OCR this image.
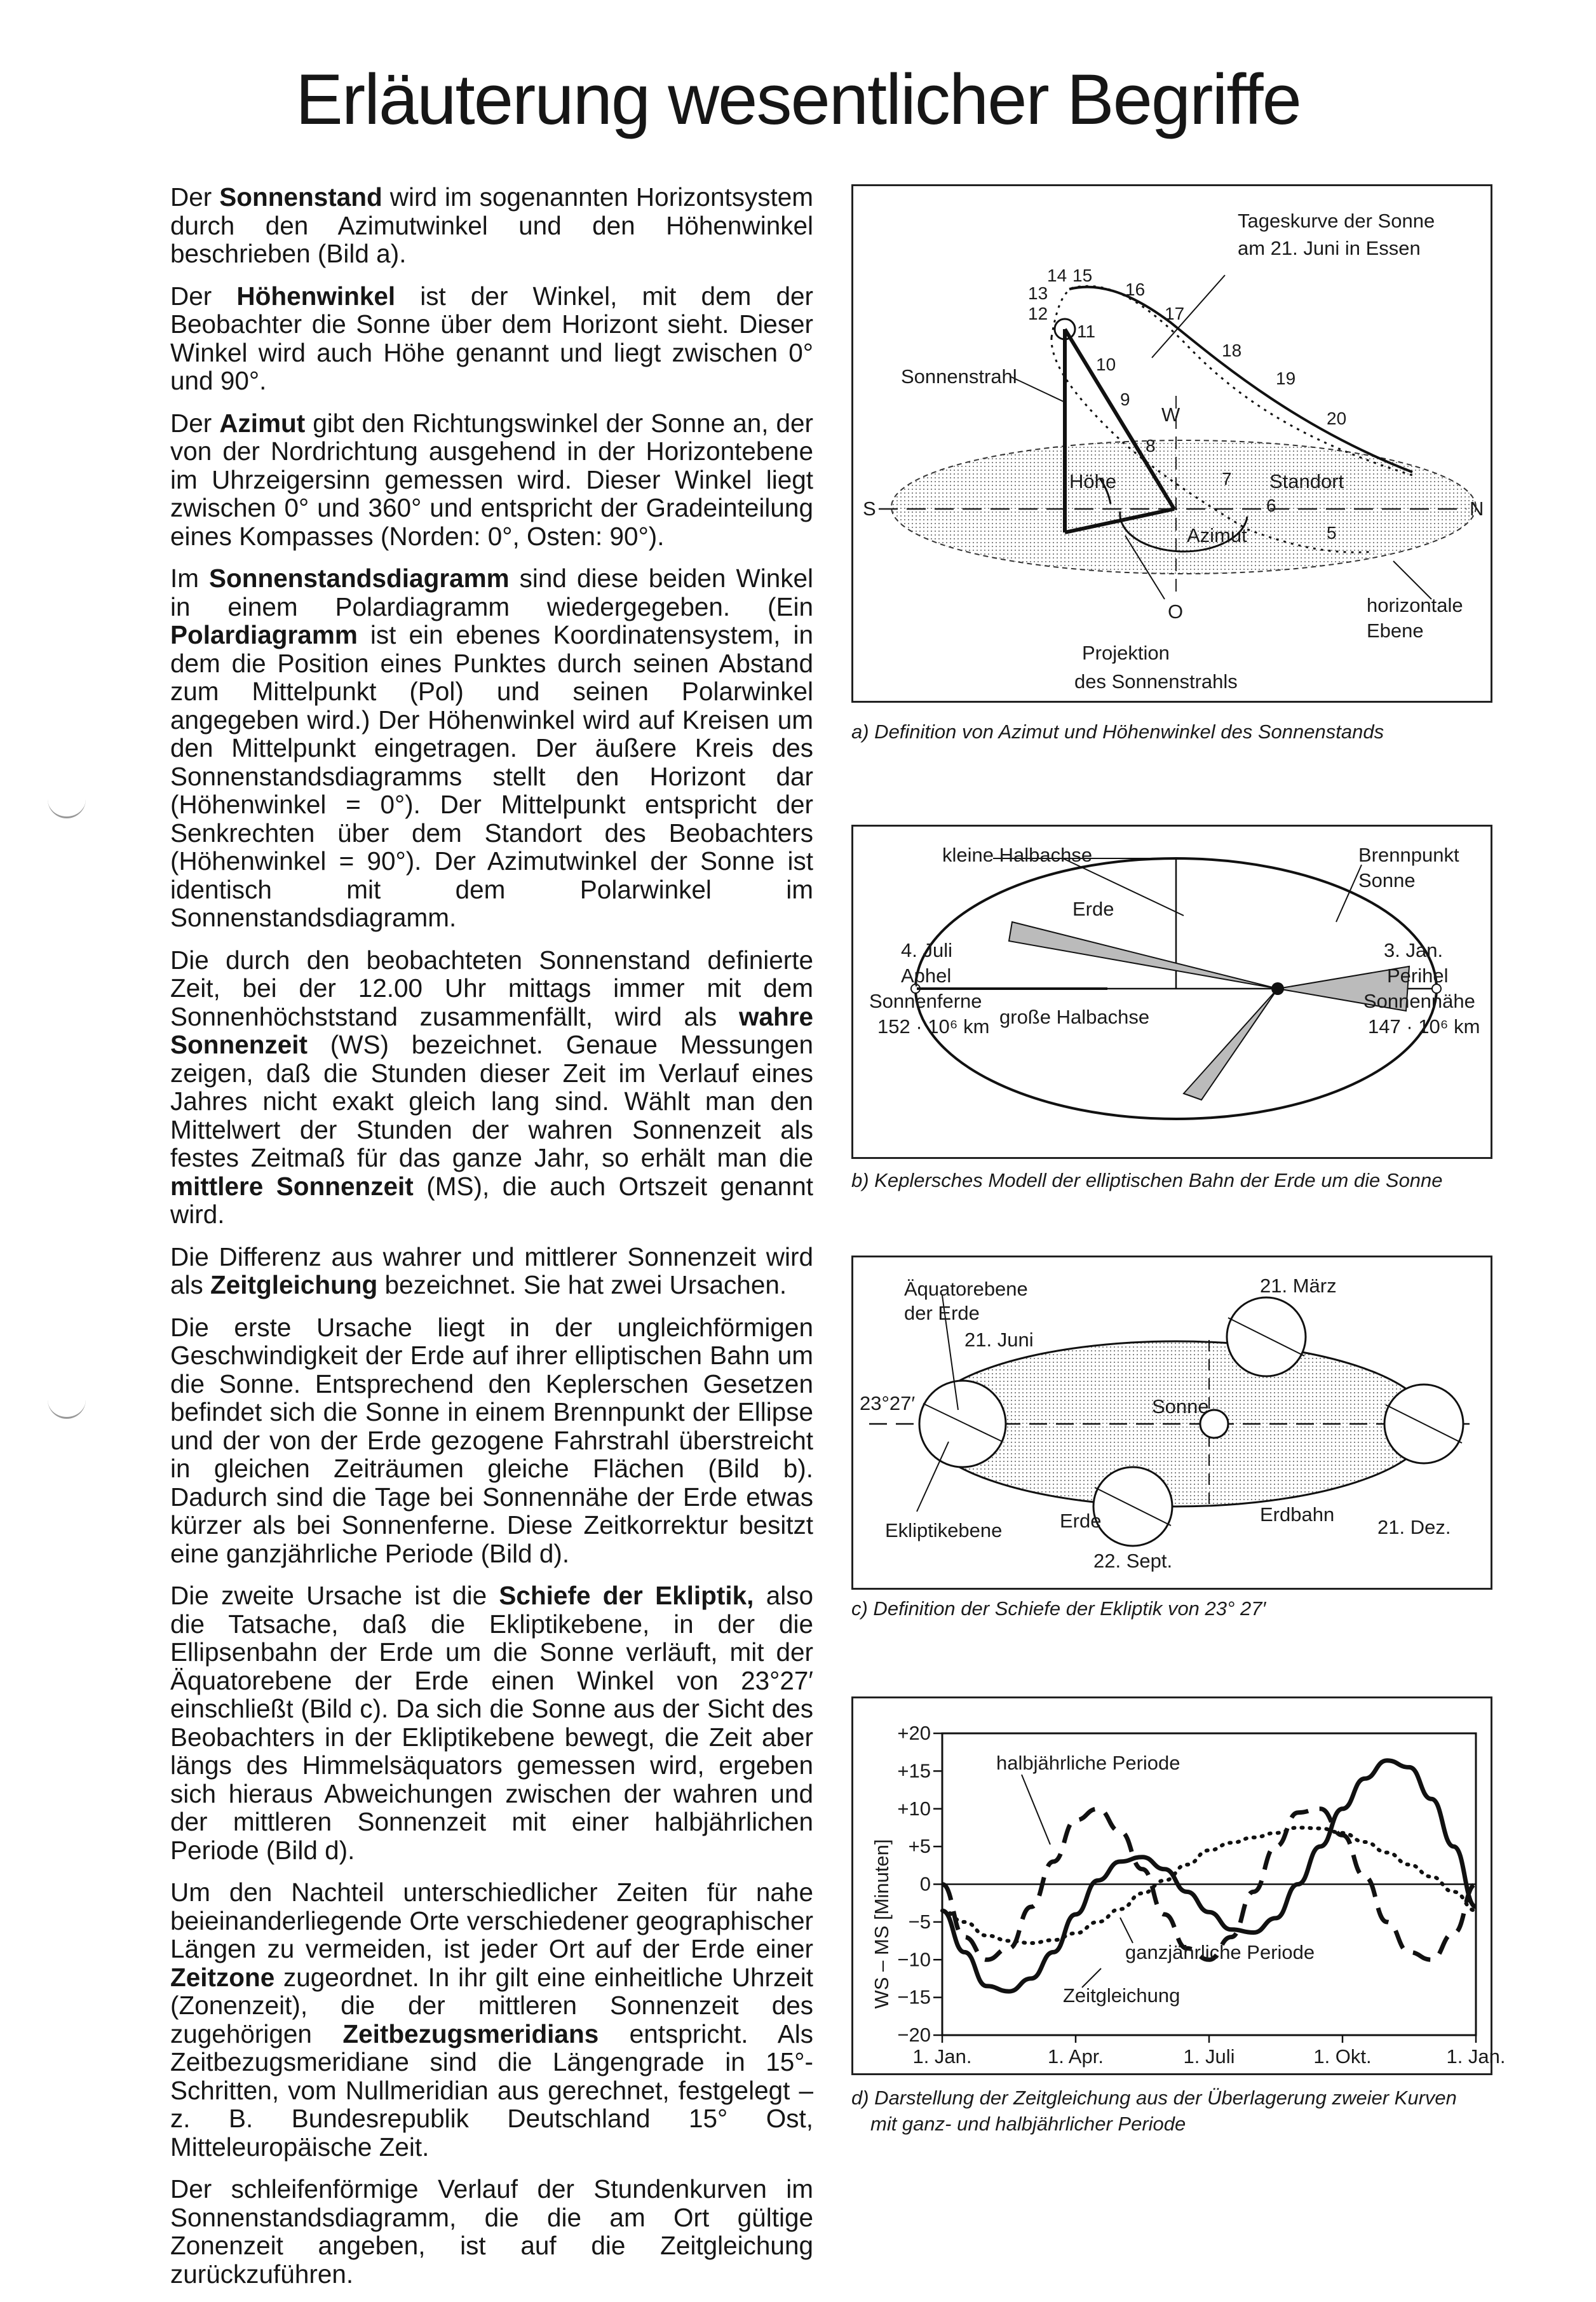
Erläuterung wesentlicher Begriffe

Der Sonnenstand wird im sogenannten Horizontsystem durch den Azimutwinkel und den Höhenwinkel beschrieben (Bild a).

Der Höhenwinkel ist der Winkel, mit dem der Beobachter die Sonne über dem Horizont sieht. Dieser Winkel wird auch Höhe genannt und liegt zwischen 0° und 90°.

Der Azimut gibt den Richtungswinkel der Sonne an, der von der Nordrichtung ausgehend in der Horizontebene im Uhrzeigersinn gemessen wird. Dieser Winkel liegt zwischen 0° und 360° und entspricht der Gradeinteilung eines Kompasses (Norden: 0°, Osten: 90°).

Im Sonnenstandsdiagramm sind diese beiden Winkel in einem Polardiagramm wiedergegeben. (Ein Polardiagramm ist ein ebenes Koordinatensystem, in dem die Position eines Punktes durch seinen Abstand zum Mittelpunkt (Pol) und seinen Polarwinkel angegeben wird.) Der Höhenwinkel wird auf Kreisen um den Mittelpunkt eingetragen. Der äußere Kreis des Sonnenstandsdiagramms stellt den Horizont dar (Höhenwinkel = 0°). Der Mittelpunkt entspricht der Senkrechten über dem Standort des Beobachters (Höhenwinkel = 90°). Der Azimutwinkel der Sonne ist identisch mit dem Polarwinkel im Sonnenstandsdiagramm.

Die durch den beobachteten Sonnenstand definierte Zeit, bei der 12.00 Uhr mittags immer mit dem Sonnenhöchststand zusammenfällt, wird als wahre Sonnenzeit (WS) bezeichnet. Genaue Messungen zeigen, daß die Stunden dieser Zeit im Verlauf eines Jahres nicht exakt gleich lang sind. Wählt man den Mittelwert der Stunden der wahren Sonnenzeit als festes Zeitmaß für das ganze Jahr, so erhält man die mittlere Sonnenzeit (MS), die auch Ortszeit genannt wird.

Die Differenz aus wahrer und mittlerer Sonnenzeit wird als Zeitgleichung bezeichnet. Sie hat zwei Ursachen.

Die erste Ursache liegt in der ungleichförmigen Geschwindigkeit der Erde auf ihrer elliptischen Bahn um die Sonne. Entsprechend den Keplerschen Gesetzen befindet sich die Sonne in einem Brennpunkt der Ellipse und der von der Erde gezogene Fahrstrahl überstreicht in gleichen Zeiträumen gleiche Flächen (Bild b). Dadurch sind die Tage bei Sonnennähe der Erde etwas kürzer als bei Sonnenferne. Diese Zeitkorrektur besitzt eine ganzjährliche Periode (Bild d).

Die zweite Ursache ist die Schiefe der Ekliptik, also die Tatsache, daß die Ekliptikebene, in der die Ellipsenbahn der Erde um die Sonne verläuft, mit der Äquatorebene der Erde einen Winkel von 23°27′ einschließt (Bild c). Da sich die Sonne aus der Sicht des Beobachters in der Ekliptikebene bewegt, die Zeit aber längs des Himmelsäquators gemessen wird, ergeben sich hieraus Abweichungen zwischen der wahren und der mittleren Sonnenzeit mit einer halbjährlichen Periode (Bild d).

Um den Nachteil unterschiedlicher Zeiten für nahe beieinanderliegende Orte verschiedener geographischer Längen zu vermeiden, ist jeder Ort auf der Erde einer Zeitzone zugeordnet. In ihr gilt eine einheitliche Uhrzeit (Zonenzeit), die der mittleren Sonnenzeit des zugehörigen Zeitbezugsmeridians entspricht. Als Zeitbezugsmeridiane sind die Längengrade in 15°-Schritten, vom Nullmeridian aus gerechnet, festgelegt – z. B. Bundesrepublik Deutschland 15° Ost, Mitteleuropäische Zeit.

Der schleifenförmige Verlauf der Stundenkurven im Sonnenstandsdiagramm, die die am Ort gültige Zonenzeit angeben, ist auf die Zeitgleichung zurückzuführen.

Tageskurve der Sonne
am 21. Juni in Essen
Sonnenstrahl
Höhe
Azimut
Standort
Projektion
des Sonnenstrahls
horizontale
Ebene
S	N
W
O
14 15
13
12
16
17
11
18
10
19
9
20
8
7
6
5
a) Definition von Azimut und Höhenwinkel des Sonnenstands
kleine Halbachse	Brennpunkt
Sonne
Erde
4. Juli
Aphel
Sonnenferne
152 · 10⁶ km
3. Jan.
Perihel
Sonnennähe
147 · 10⁶ km
große Halbachse
b) Keplersches Modell der elliptischen Bahn der Erde um die Sonne
Äquatorebene
der Erde
21. Juni
21. März
23°27′	Sonne
Ekliptikebene	Erde	Erdbahn
21. Dez.
22. Sept.
c) Definition der Schiefe der Ekliptik von 23° 27′
+20
+15
+10
+5
0
−5
−10
−15
−20
1. Jan.	1. Apr.	1. Juli	1. Okt.	1. Jan.
WS – MS [Minuten]
halbjährliche Periode
ganzjährliche Periode
Zeitgleichung
d) Darstellung der Zeitgleichung aus der Überlagerung zweier Kurven
mit ganz- und halbjährlicher Periode
